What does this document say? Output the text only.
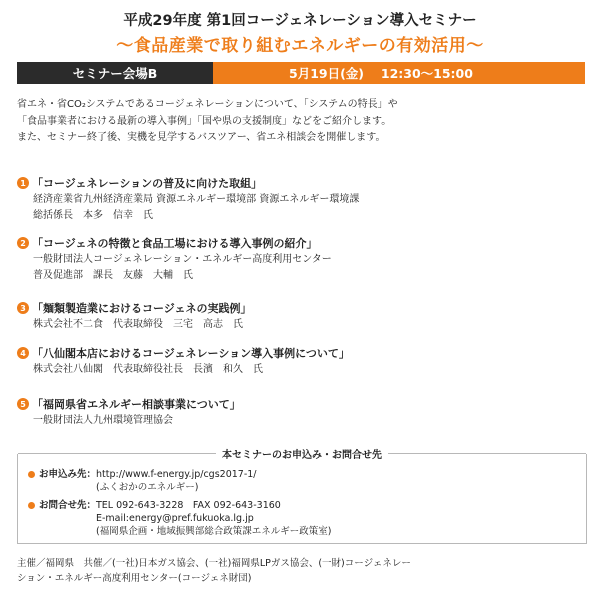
平成29年度 第1回コージェネレーション導入セミナー
〜食品産業で取り組むエネルギーの有効活用〜
セミナー会場B	5月19日(金)　 12:30〜15:00
省エネ・省CO₂システムであるコージェネレーションについて、「システムの特長」や
「食品事業者における最新の導入事例」「国や県の支援制度」などをご紹介します。
また、セミナー終了後、実機を見学するバスツアー、省エネ相談会を開催します。
1 「コージェネレーションの普及に向けた取組」
経済産業省九州経済産業局 資源エネルギー環境部 資源エネルギー環境課
総括係長　本多　信幸　氏
2 「コージェネの特徴と食品工場における導入事例の紹介」
一般財団法人コージェネレーション・エネルギー高度利用センター
普及促進部　課長　友藤　大輔　氏
3 「麺類製造業におけるコージェネの実践例」
株式会社不二食　代表取締役　三宅　高志　氏
4 「八仙閣本店におけるコージェネレーション導入事例について」
株式会社八仙閣　代表取締役社長　長濱　和久　氏
5 「福岡県省エネルギー相談事業について」
一般財団法人九州環境管理協会
本セミナーのお申込み・お問合せ先
お申込み先： http://www.f-energy.jp/cgs2017-1/
(ふくおかのエネルギー)
お問合せ先： TEL 092-643-3228　FAX 092-643-3160
E-mail:energy@pref.fukuoka.lg.jp
(福岡県企画・地域振興部総合政策課エネルギー政策室)
主催／福岡県　共催／(一社)日本ガス協会、(一社)福岡県LPガス協会、(一財)コージェネレー
ション・エネルギー高度利用センター(コージェネ財団)
